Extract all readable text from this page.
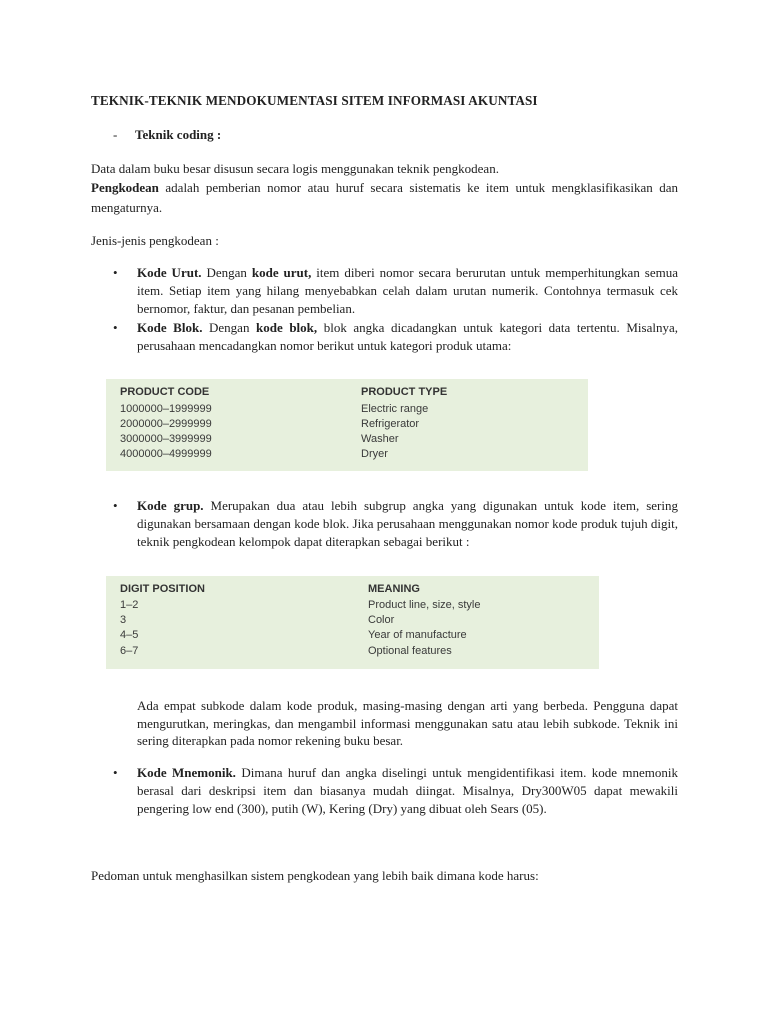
TEKNIK-TEKNIK MENDOKUMENTASI SITEM INFORMASI AKUNTASI
- Teknik coding :
Data dalam buku besar disusun secara logis menggunakan teknik pengkodean.
Pengkodean adalah pemberian nomor atau huruf secara sistematis ke item untuk mengklasifikasikan dan mengaturnya.
Jenis-jenis pengkodean :
• Kode Urut. Dengan kode urut, item diberi nomor secara berurutan untuk memperhitungkan semua item. Setiap item yang hilang menyebabkan celah dalam urutan numerik. Contohnya termasuk cek bernomor, faktur, dan pesanan pembelian.
• Kode Blok. Dengan kode blok, blok angka dicadangkan untuk kategori data tertentu. Misalnya, perusahaan mencadangkan nomor berikut untuk kategori produk utama:
PRODUCT CODE	PRODUCT TYPE
1000000–1999999	Electric range
2000000–2999999	Refrigerator
3000000–3999999	Washer
4000000–4999999	Dryer
• Kode grup. Merupakan dua atau lebih subgrup angka yang digunakan untuk kode item, sering digunakan bersamaan dengan kode blok. Jika perusahaan menggunakan nomor kode produk tujuh digit, teknik pengkodean kelompok dapat diterapkan sebagai berikut :
DIGIT POSITION	MEANING
1–2	Product line, size, style
3	Color
4–5	Year of manufacture
6–7	Optional features
Ada empat subkode dalam kode produk, masing-masing dengan arti yang berbeda. Pengguna dapat mengurutkan, meringkas, dan mengambil informasi menggunakan satu atau lebih subkode. Teknik ini sering diterapkan pada nomor rekening buku besar.
• Kode Mnemonik. Dimana huruf dan angka diselingi untuk mengidentifikasi item. kode mnemonik berasal dari deskripsi item dan biasanya mudah diingat. Misalnya, Dry300W05 dapat mewakili pengering low end (300), putih (W), Kering (Dry) yang dibuat oleh Sears (05).
Pedoman untuk menghasilkan sistem pengkodean yang lebih baik dimana kode harus:
